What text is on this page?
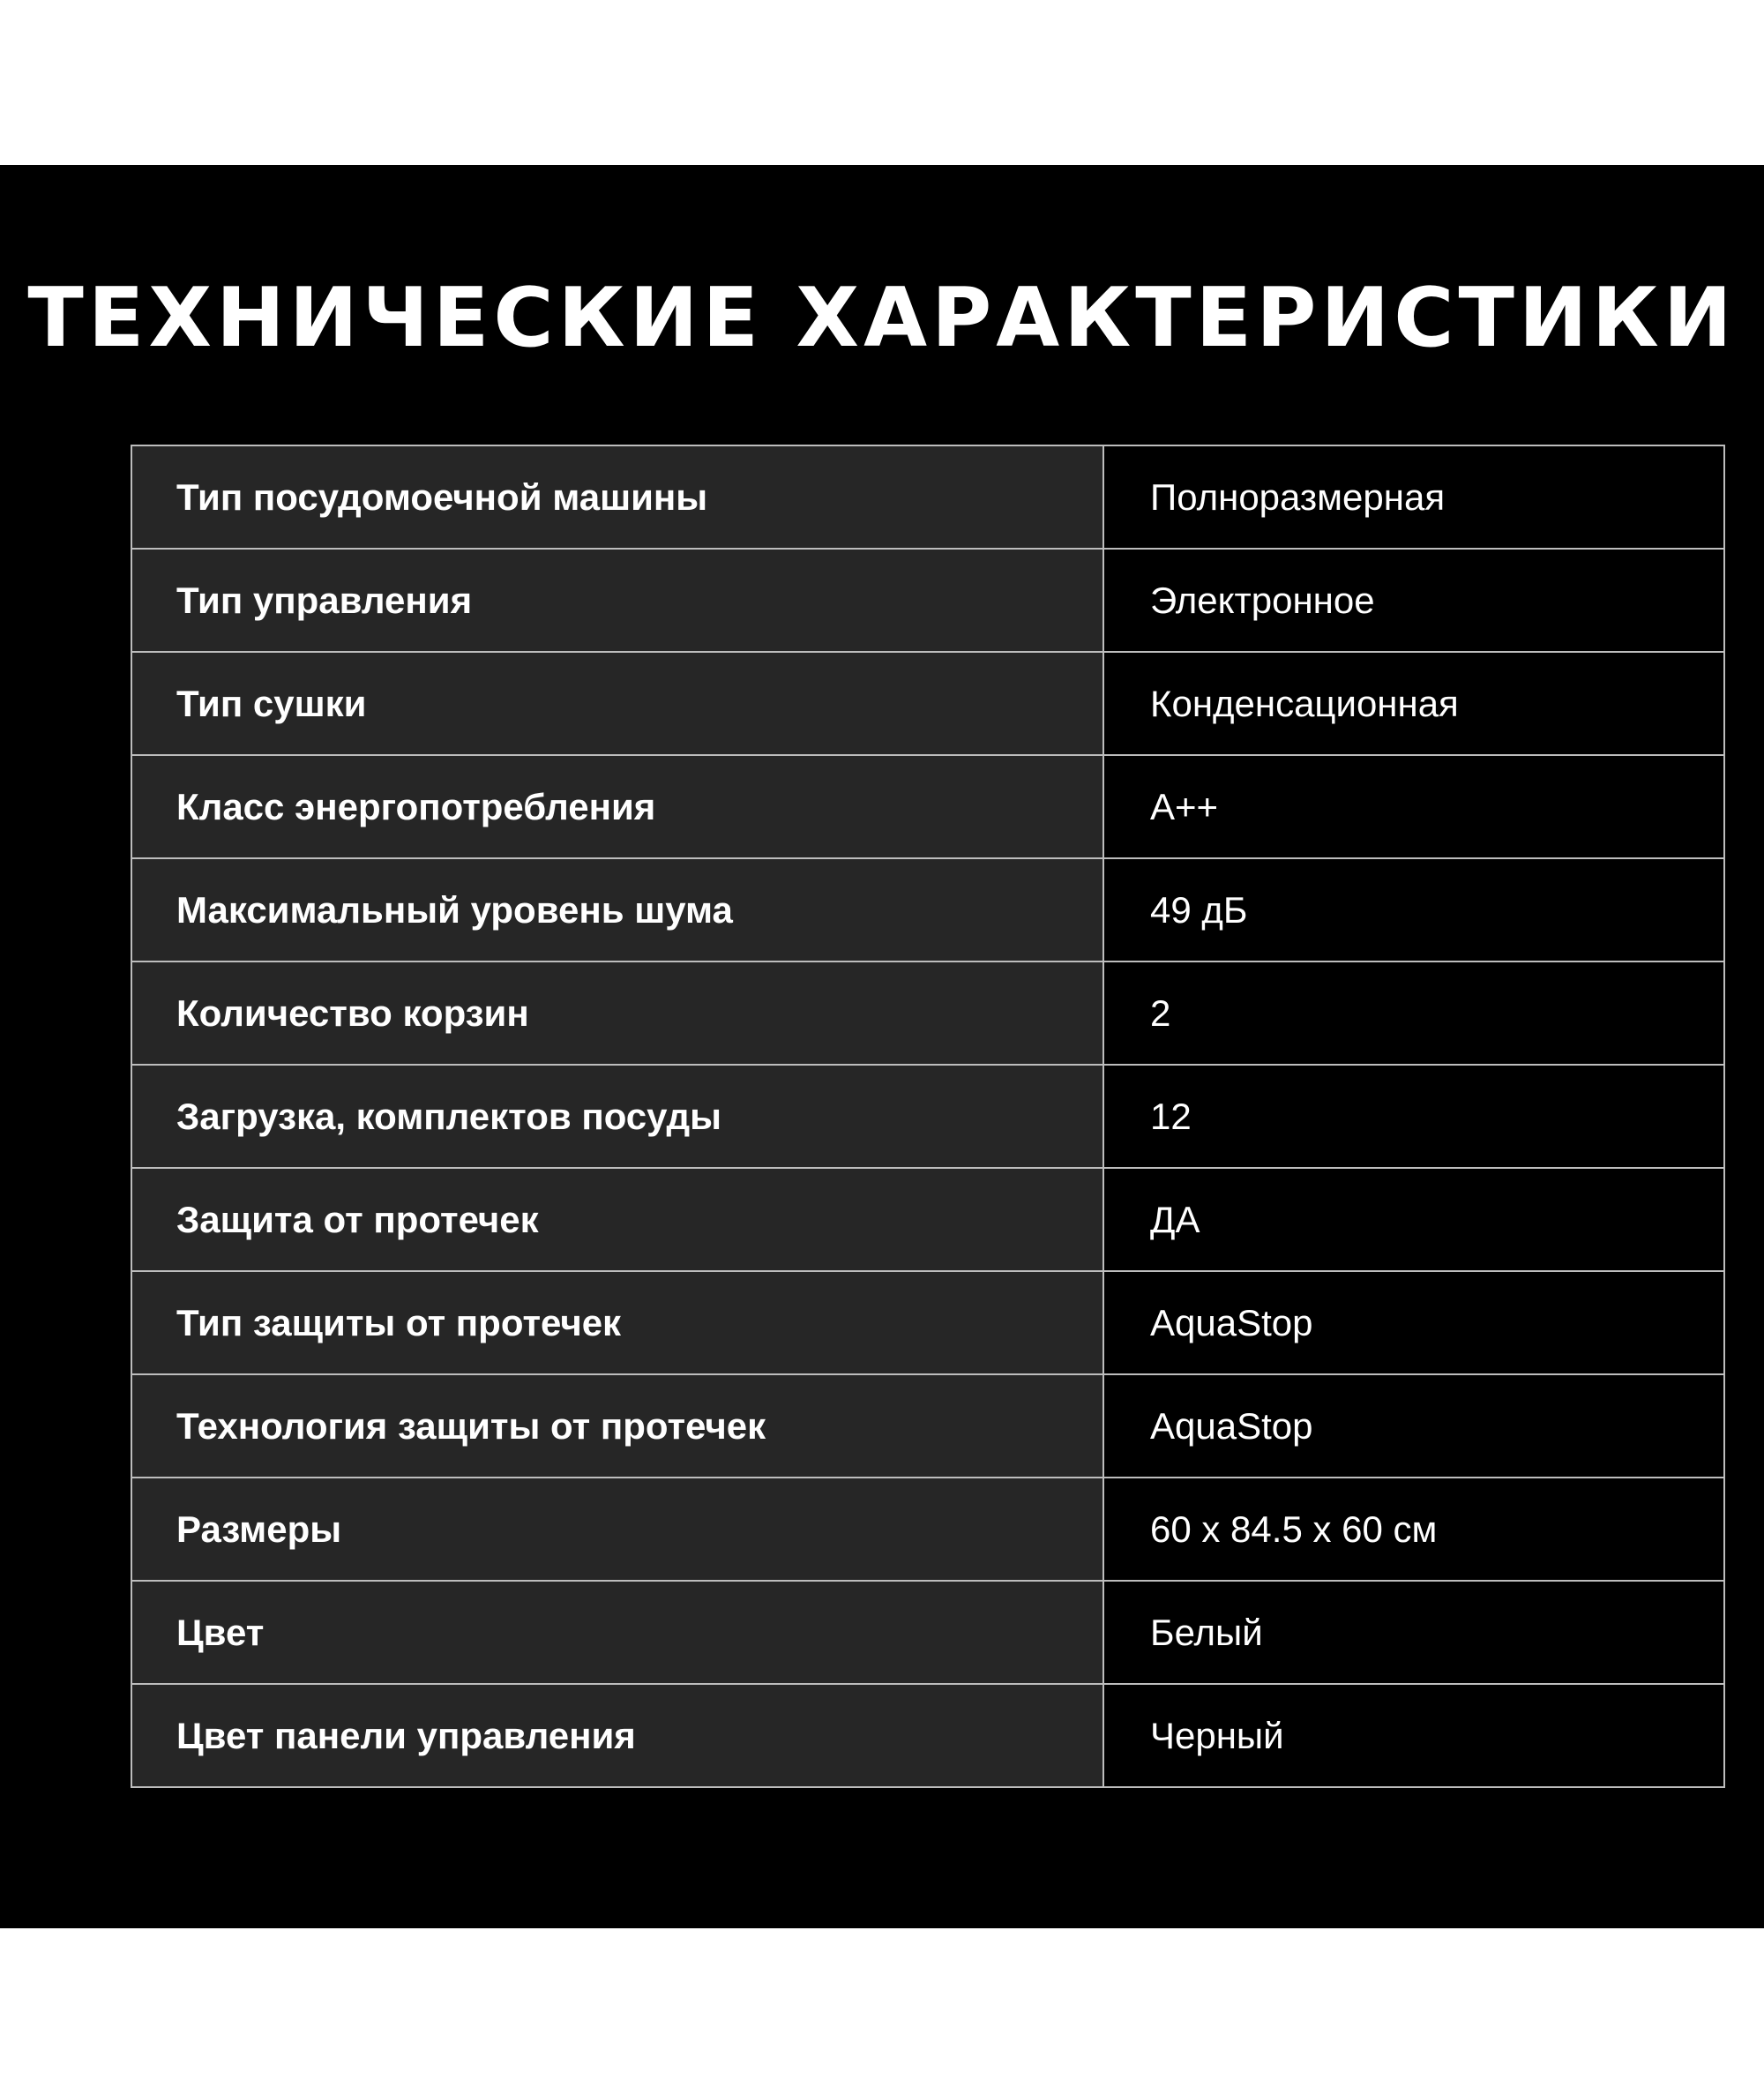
ТЕХНИЧЕСКИЕ ХАРАКТЕРИСТИКИ
Тип посудомоечной машины	Полноразмерная
Тип управления	Электронное
Тип сушки	Конденсационная
Класс энергопотребления	А++
Максимальный уровень шума	49 дБ
Количество корзин	2
Загрузка, комплектов посуды	12
Защита от протечек	ДА
Тип защиты от протечек	AquaStop
Технология защиты от протечек	AquaStop
Размеры	60 x 84.5 x 60 см
Цвет	Белый
Цвет панели управления	Черный
